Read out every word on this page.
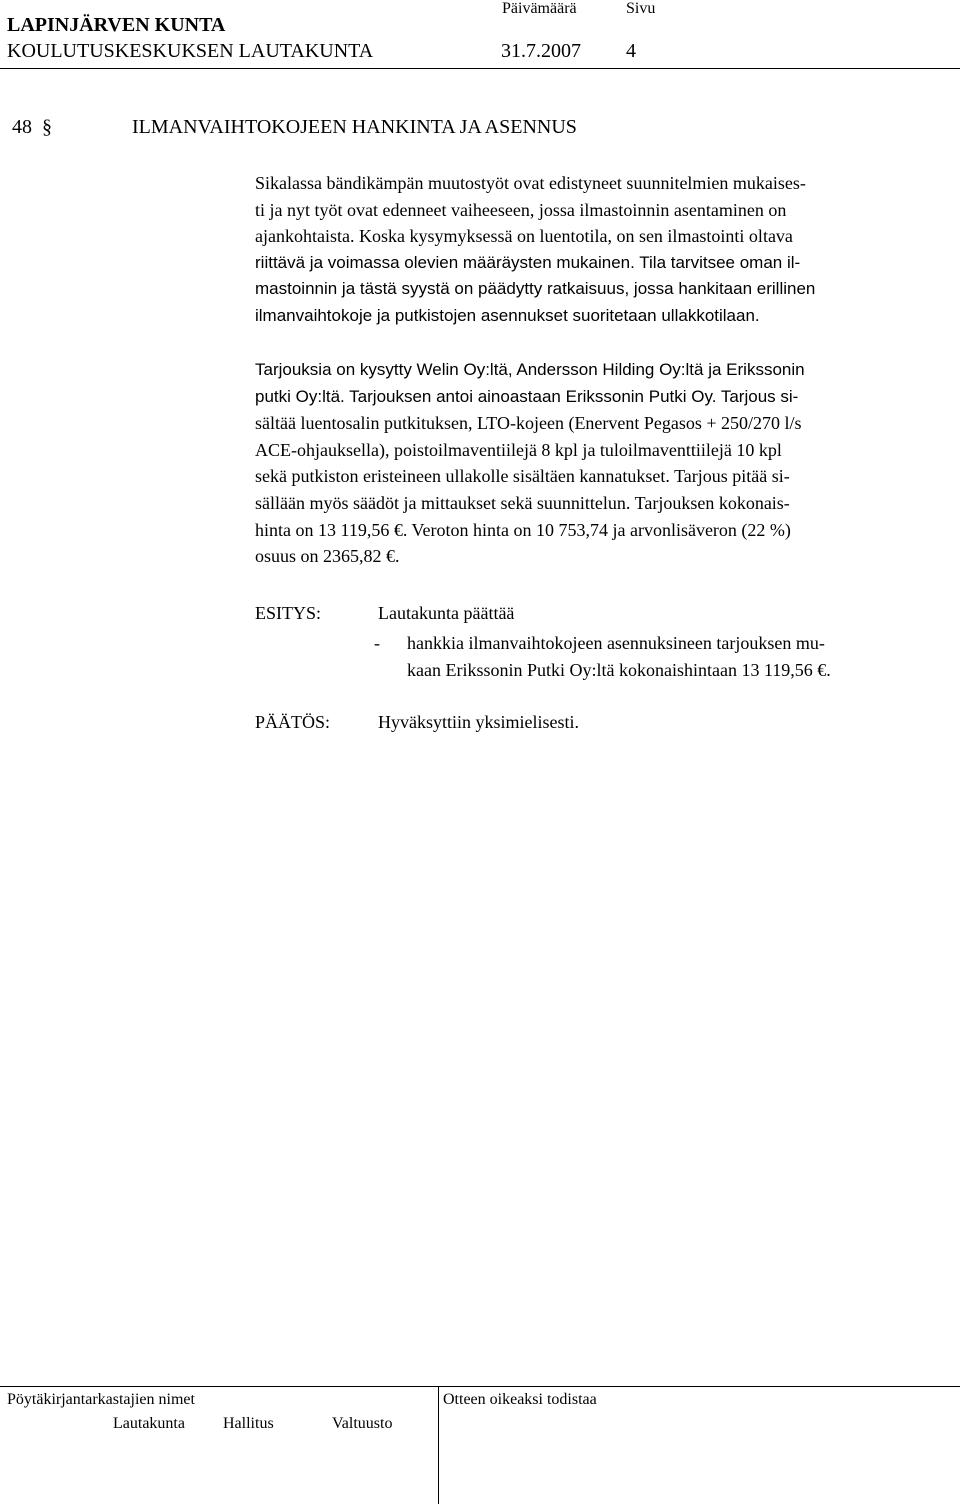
LAPINJÄRVEN KUNTA
Päivämäärä	Sivu
KOULUTUSKESKUKSEN LAUTAKUNTA	31.7.2007 4
48 §	ILMANVAIHTOKOJEEN HANKINTA JA ASENNUS
Sikalassa bändikämpän muutostyöt ovat edistyneet suunnitelmien mukaises-
ti ja nyt työt ovat edenneet vaiheeseen, jossa ilmastoinnin asentaminen on
ajankohtaista. Koska kysymyksessä on luentotila, on sen ilmastointi oltava
riittävä ja voimassa olevien määräysten mukainen. Tila tarvitsee oman il-
mastoinnin ja tästä syystä on päädytty ratkaisuus, jossa hankitaan erillinen
ilmanvaihtokoje ja putkistojen asennukset suoritetaan ullakkotilaan.
Tarjouksia on kysytty Welin Oy:ltä, Andersson Hilding Oy:ltä ja Erikssonin
putki Oy:ltä. Tarjouksen antoi ainoastaan Erikssonin Putki Oy. Tarjous si-
sältää luentosalin putkituksen, LTO-kojeen (Enervent Pegasos + 250/270 l/s
ACE-ohjauksella), poistoilmaventiilejä 8 kpl ja tuloilmaventtiilejä 10 kpl
sekä putkiston eristeineen ullakolle sisältäen kannatukset. Tarjous pitää si-
sällään myös säädöt ja mittaukset sekä suunnittelun. Tarjouksen kokonais-
hinta on 13 119,56 €. Veroton hinta on 10 753,74 ja arvonlisäveron (22 %)
osuus on 2365,82 €.
ESITYS:	Lautakunta päättää
- hankkia ilmanvaihtokojeen asennuksineen tarjouksen mu-
kaan Erikssonin Putki Oy:ltä kokonaishintaan 13 119,56 €.
PÄÄTÖS:	Hyväksyttiin yksimielisesti.
Pöytäkirjantarkastajien nimet	Otteen oikeaksi todistaa
Lautakunta Hallitus	Valtuusto
